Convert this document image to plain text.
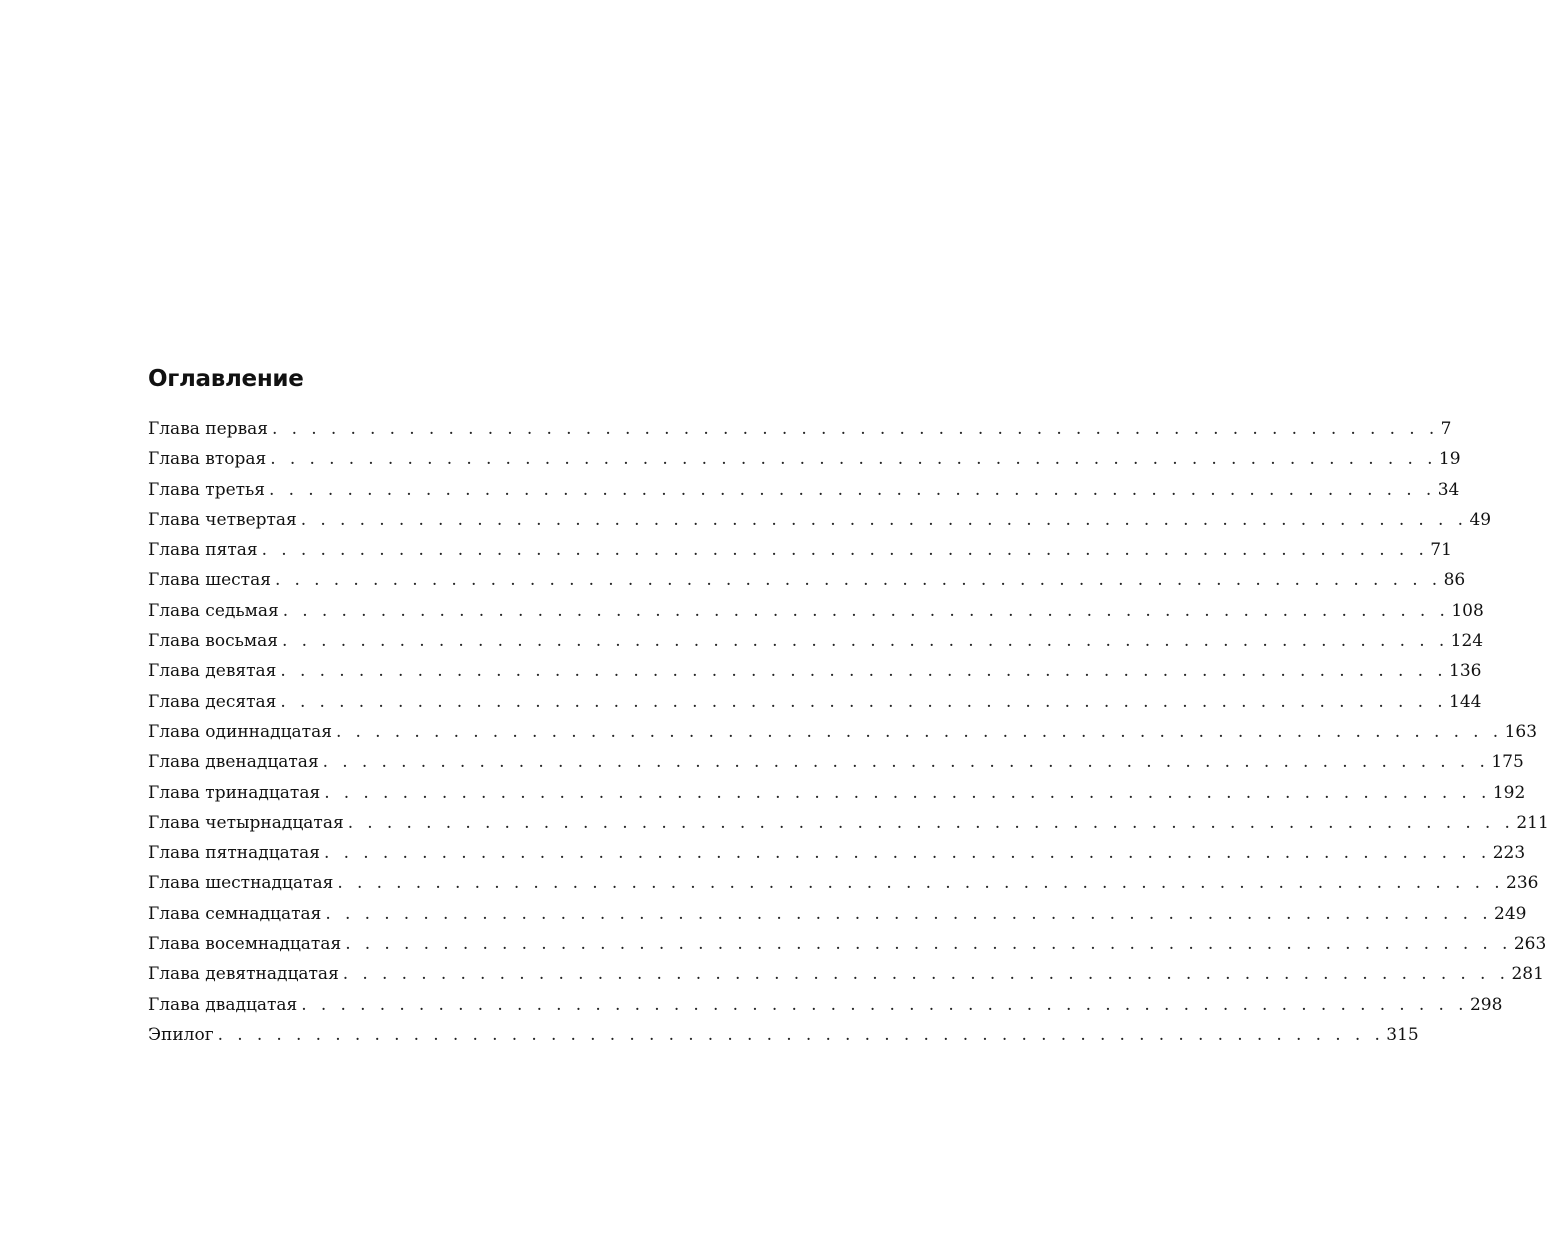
Оглавление
Глава первая . . . . . . . . . . . . . . . . . . . . . . . . . . . . . . . . . . . . . . . . . . . . . . . . . . . . . . . . . . . . 7
Глава вторая . . . . . . . . . . . . . . . . . . . . . . . . . . . . . . . . . . . . . . . . . . . . . . . . . . . . . . . . . . . . 19
Глава третья . . . . . . . . . . . . . . . . . . . . . . . . . . . . . . . . . . . . . . . . . . . . . . . . . . . . . . . . . . . . 34
Глава четвертая . . . . . . . . . . . . . . . . . . . . . . . . . . . . . . . . . . . . . . . . . . . . . . . . . . . . . . . . . . . . 49
Глава пятая . . . . . . . . . . . . . . . . . . . . . . . . . . . . . . . . . . . . . . . . . . . . . . . . . . . . . . . . . . . . 71
Глава шестая . . . . . . . . . . . . . . . . . . . . . . . . . . . . . . . . . . . . . . . . . . . . . . . . . . . . . . . . . . . . 86
Глава седьмая . . . . . . . . . . . . . . . . . . . . . . . . . . . . . . . . . . . . . . . . . . . . . . . . . . . . . . . . . . . . 108
Глава восьмая . . . . . . . . . . . . . . . . . . . . . . . . . . . . . . . . . . . . . . . . . . . . . . . . . . . . . . . . . . . . 124
Глава девятая . . . . . . . . . . . . . . . . . . . . . . . . . . . . . . . . . . . . . . . . . . . . . . . . . . . . . . . . . . . . 136
Глава десятая . . . . . . . . . . . . . . . . . . . . . . . . . . . . . . . . . . . . . . . . . . . . . . . . . . . . . . . . . . . . 144
Глава одиннадцатая . . . . . . . . . . . . . . . . . . . . . . . . . . . . . . . . . . . . . . . . . . . . . . . . . . . . . . . . . . . . 163
Глава двенадцатая . . . . . . . . . . . . . . . . . . . . . . . . . . . . . . . . . . . . . . . . . . . . . . . . . . . . . . . . . . . . 175
Глава тринадцатая . . . . . . . . . . . . . . . . . . . . . . . . . . . . . . . . . . . . . . . . . . . . . . . . . . . . . . . . . . . . 192
Глава четырнадцатая . . . . . . . . . . . . . . . . . . . . . . . . . . . . . . . . . . . . . . . . . . . . . . . . . . . . . . . . . . . . 211
Глава пятнадцатая . . . . . . . . . . . . . . . . . . . . . . . . . . . . . . . . . . . . . . . . . . . . . . . . . . . . . . . . . . . . 223
Глава шестнадцатая . . . . . . . . . . . . . . . . . . . . . . . . . . . . . . . . . . . . . . . . . . . . . . . . . . . . . . . . . . . . 236
Глава семнадцатая . . . . . . . . . . . . . . . . . . . . . . . . . . . . . . . . . . . . . . . . . . . . . . . . . . . . . . . . . . . . 249
Глава восемнадцатая . . . . . . . . . . . . . . . . . . . . . . . . . . . . . . . . . . . . . . . . . . . . . . . . . . . . . . . . . . . . 263
Глава девятнадцатая . . . . . . . . . . . . . . . . . . . . . . . . . . . . . . . . . . . . . . . . . . . . . . . . . . . . . . . . . . . . 281
Глава двадцатая . . . . . . . . . . . . . . . . . . . . . . . . . . . . . . . . . . . . . . . . . . . . . . . . . . . . . . . . . . . . 298
Эпилог . . . . . . . . . . . . . . . . . . . . . . . . . . . . . . . . . . . . . . . . . . . . . . . . . . . . . . . . . . . . 315
